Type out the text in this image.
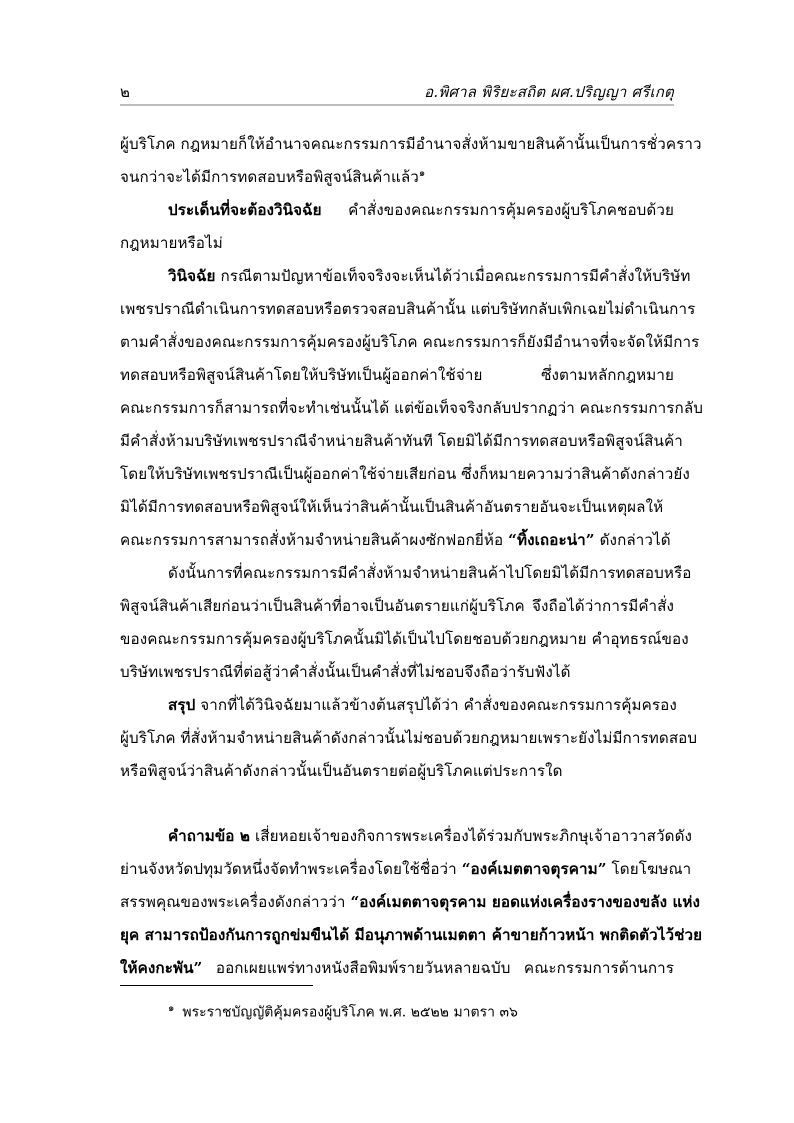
๒	อ.พิศาล พิริยะสถิต ผศ.ปริญญา ศรีเกตุ
ผู้บริโภค กฎหมายก็ให้อำนาจคณะกรรมการมีอำนาจสั่งห้ามขายสินค้านั้นเป็นการชั่วคราว
จนกว่าจะได้มีการทดสอบหรือพิสูจน์สินค้าแล้ว$^๑$
ประเด็นที่จะต้องวินิจฉัย คำสั่งของคณะกรรมการคุ้มครองผู้บริโภคชอบด้วย
กฎหมายหรือไม่
วินิจฉัย กรณีตามปัญหาข้อเท็จจริงจะเห็นได้ว่าเมื่อคณะกรรมการมีคำสั่งให้บริษัท
เพชรปราณีดำเนินการทดสอบหรือตรวจสอบสินค้านั้น แต่บริษัทกลับเพิกเฉยไม่ดำเนินการ
ตามคำสั่งของคณะกรรมการคุ้มครองผู้บริโภค คณะกรรมการก็ยังมีอำนาจที่จะจัดให้มีการ
ทดสอบหรือพิสูจน์สินค้าโดยให้บริษัทเป็นผู้ออกค่าใช้จ่าย ซึ่งตามหลักกฎหมาย
คณะกรรมการก็สามารถที่จะทำเช่นนั้นได้ แต่ข้อเท็จจริงกลับปรากฏว่า คณะกรรมการกลับ
มีคำสั่งห้ามบริษัทเพชรปราณีจำหน่ายสินค้าทันที โดยมิได้มีการทดสอบหรือพิสูจน์สินค้า
โดยให้บริษัทเพชรปราณีเป็นผู้ออกค่าใช้จ่ายเสียก่อน ซึ่งก็หมายความว่าสินค้าดังกล่าวยัง
มิได้มีการทดสอบหรือพิสูจน์ให้เห็นว่าสินค้านั้นเป็นสินค้าอันตรายอันจะเป็นเหตุผลให้
คณะกรรมการสามารถสั่งห้ามจำหน่ายสินค้าผงซักฟอกยี่ห้อ “ทิ้งเถอะน่า” ดังกล่าวได้
ดังนั้นการที่คณะกรรมการมีคำสั่งห้ามจำหน่ายสินค้าไปโดยมิได้มีการทดสอบหรือ
พิสูจน์สินค้าเสียก่อนว่าเป็นสินค้าที่อาจเป็นอันตรายแก่ผู้บริโภค จึงถือได้ว่าการมีคำสั่ง
ของคณะกรรมการคุ้มครองผู้บริโภคนั้นมิได้เป็นไปโดยชอบด้วยกฎหมาย คำอุทธรณ์ของ
บริษัทเพชรปราณีที่ต่อสู้ว่าคำสั่งนั้นเป็นคำสั่งที่ไม่ชอบจึงถือว่ารับฟังได้
สรุป จากที่ได้วินิจฉัยมาแล้วข้างต้นสรุปได้ว่า คำสั่งของคณะกรรมการคุ้มครอง
ผู้บริโภค ที่สั่งห้ามจำหน่ายสินค้าดังกล่าวนั้นไม่ชอบด้วยกฎหมายเพราะยังไม่มีการทดสอบ
หรือพิสูจน์ว่าสินค้าดังกล่าวนั้นเป็นอันตรายต่อผู้บริโภคแต่ประการใด
คำถามข้อ ๒ เสี่ยหอยเจ้าของกิจการพระเครื่องได้ร่วมกับพระภิกษุเจ้าอาวาสวัดดัง
ย่านจังหวัดปทุมวัดหนึ่งจัดทำพระเครื่องโดยใช้ชื่อว่า “องค์เมตตาจตุรคาม” โดยโฆษณา
สรรพคุณของพระเครื่องดังกล่าวว่า “องค์เมตตาจตุรคาม ยอดแห่งเครื่องรางของขลัง แห่ง
ยุค สามารถป้องกันการถูกข่มขืนได้ มีอนุภาพด้านเมตตา ค้าขายก้าวหน้า พกติดตัวไว้ช่วย
ให้คงกะพัน” ออกเผยแพร่ทางหนังสือพิมพ์รายวันหลายฉบับ คณะกรรมการด้านการ
$^๑$ พระราชบัญญัติคุ้มครองผู้บริโภค พ.ศ. ๒๕๒๒ มาตรา ๓๖
